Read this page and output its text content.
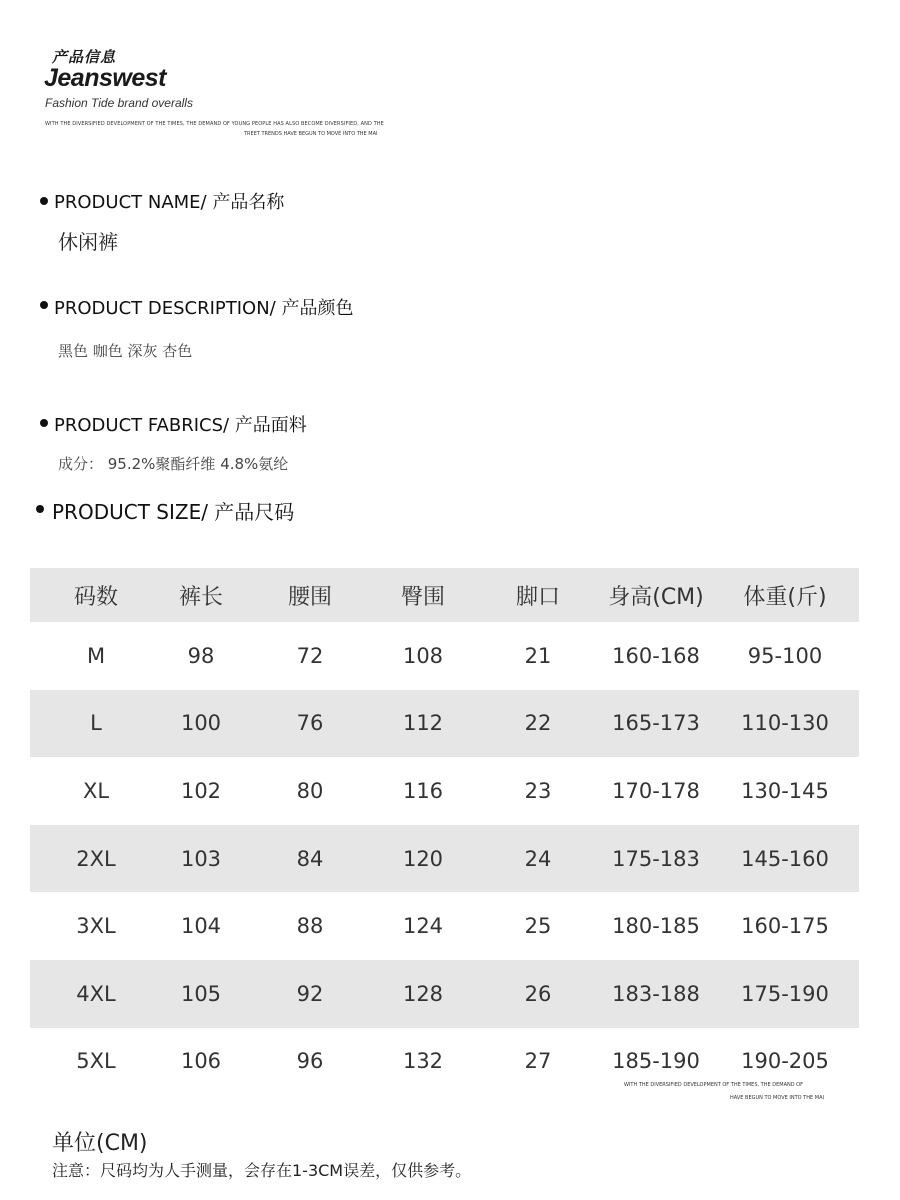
产品信息
Jeanswest
Fashion Tide brand overalls
WITH THE DIVERSIFIED DEVELOPMENT OF THE TIMES, THE DEMAND OF YOUNG PEOPLE HAS ALSO BECOME DIVERSIFIED, AND THE
TREET TRENDS HAVE BEGUN TO MOVE INTO THE MAI
PRODUCT NAME/ 产品名称
休闲裤
PRODUCT DESCRIPTION/ 产品颜色
黑色 咖色 深灰 杏色
PRODUCT FABRICS/ 产品面料
成分： 95.2%聚酯纤维 4.8%氨纶
PRODUCT SIZE/ 产品尺码
码数	裤长	腰围	臀围	脚口	身高(CM)	体重(斤)
M	98	72	108	21	160-168	95-100
L	100	76	112	22	165-173	110-130
XL	102	80	116	23	170-178	130-145
2XL	103	84	120	24	175-183	145-160
3XL	104	88	124	25	180-185	160-175
4XL	105	92	128	26	183-188	175-190
5XL	106	96	132	27	185-190	190-205
WITH THE DIVERSIFIED DEVELOPMENT OF THE TIMES, THE DEMAND OF
HAVE BEGUN TO MOVE INTO THE MAI
单位(CM)
注意：尺码均为人手测量，会存在1-3CM误差，仅供参考。
